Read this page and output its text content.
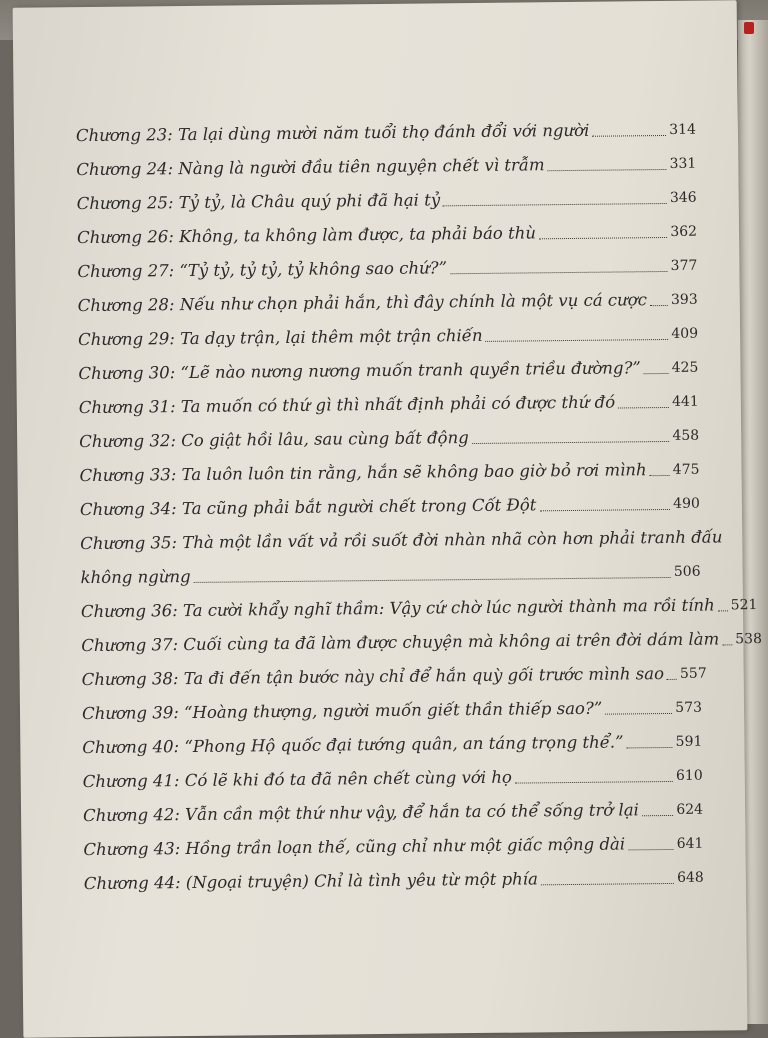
Chương 23: Ta lại dùng mười năm tuổi thọ đánh đổi với người	314
Chương 24: Nàng là người đầu tiên nguyện chết vì trẫm	331
Chương 25: Tỷ tỷ, là Châu quý phi đã hại tỷ	346
Chương 26: Không, ta không làm được, ta phải báo thù	362
Chương 27: “Tỷ tỷ, tỷ tỷ, tỷ không sao chứ?”	377
Chương 28: Nếu như chọn phải hắn, thì đây chính là một vụ cá cược 393
Chương 29: Ta dạy trận, lại thêm một trận chiến	409
Chương 30: “Lẽ nào nương nương muốn tranh quyền triều đường?” 425
Chương 31: Ta muốn có thứ gì thì nhất định phải có được thứ đó	441
Chương 32: Co giật hồi lâu, sau cùng bất động	458
Chương 33: Ta luôn luôn tin rằng, hắn sẽ không bao giờ bỏ rơi mình 475
Chương 34: Ta cũng phải bắt người chết trong Cốt Đột	490
Chương 35: Thà một lần vất vả rồi suốt đời nhàn nhã còn hơn phải tranh đấu
không ngừng	506
Chương 36: Ta cười khẩy nghĩ thầm: Vậy cứ chờ lúc người thành ma rồi tính 521
Chương 37: Cuối cùng ta đã làm được chuyện mà không ai trên đời dám làm 538
Chương 38: Ta đi đến tận bước này chỉ để hắn quỳ gối trước mình sao 557
Chương 39: “Hoàng thượng, người muốn giết thần thiếp sao?”	573
Chương 40: “Phong Hộ quốc đại tướng quân, an táng trọng thể.”	591
Chương 41: Có lẽ khi đó ta đã nên chết cùng với họ	610
Chương 42: Vẫn cần một thứ như vậy, để hắn ta có thể sống trở lại	624
Chương 43: Hồng trần loạn thế, cũng chỉ như một giấc mộng dài	641
Chương 44: (Ngoại truyện) Chỉ là tình yêu từ một phía	648
